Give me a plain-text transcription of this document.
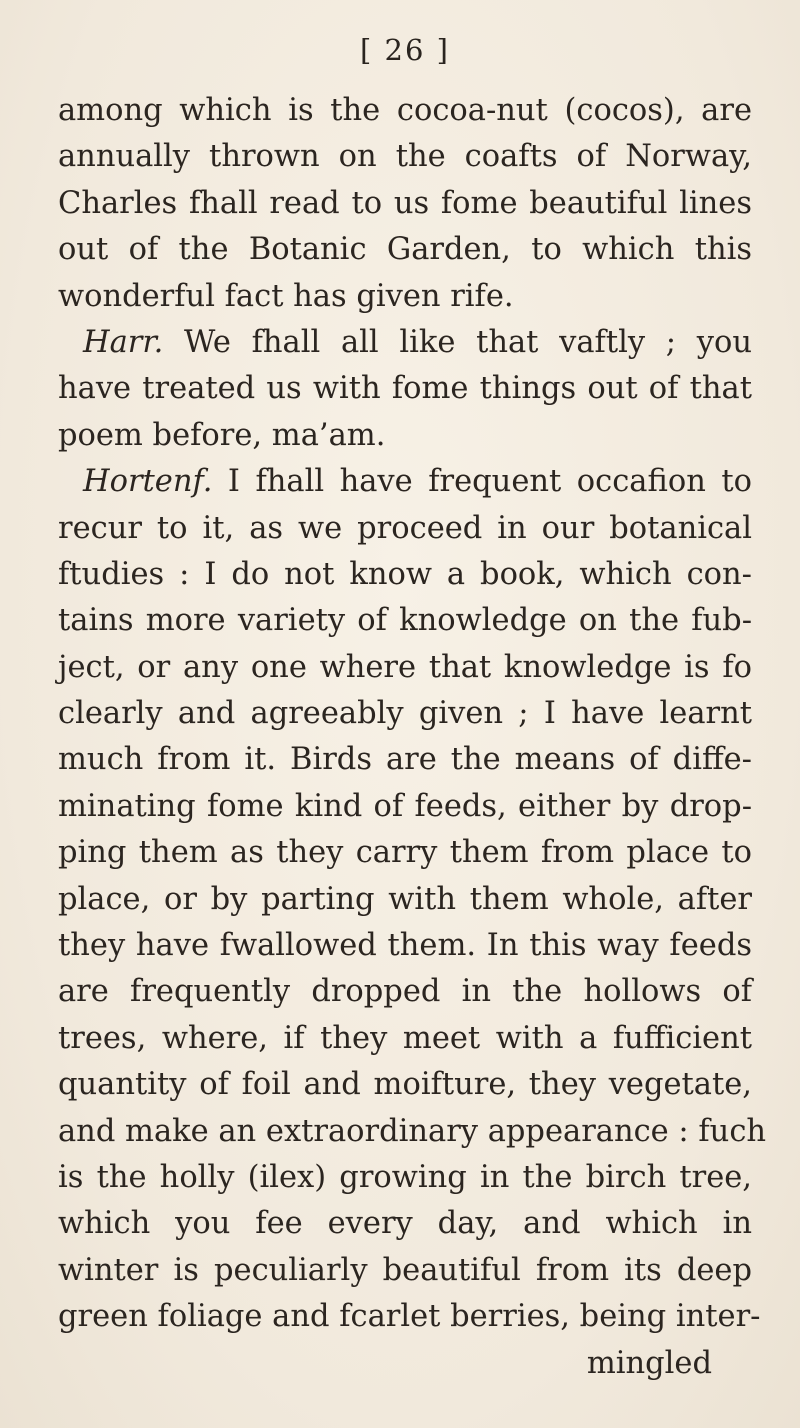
[ 26 ]
among which is the cocoa-nut (cocos), are
annually thrown on the coafts of Norway,
Charles fhall read to us fome beautiful lines
out of the Botanic Garden, to which this
wonderful fact has given rife.
Harr. We fhall all like that vaftly ; you
have treated us with fome things out of that
poem before, ma’am.
Hortenf. I fhall have frequent occafion to
recur to it, as we proceed in our botanical
ftudies : I do not know a book, which con-
tains more variety of knowledge on the fub-
ject, or any one where that knowledge is fo
clearly and agreeably given ; I have learnt
much from it. Birds are the means of diffe-
minating fome kind of feeds, either by drop-
ping them as they carry them from place to
place, or by parting with them whole, after
they have fwallowed them. In this way feeds
are frequently dropped in the hollows of
trees, where, if they meet with a fufficient
quantity of foil and moifture, they vegetate,
and make an extraordinary appearance : fuch
is the holly (ilex) growing in the birch tree,
which you fee every day, and which in
winter is peculiarly beautiful from its deep
green foliage and fcarlet berries, being inter-
mingled
